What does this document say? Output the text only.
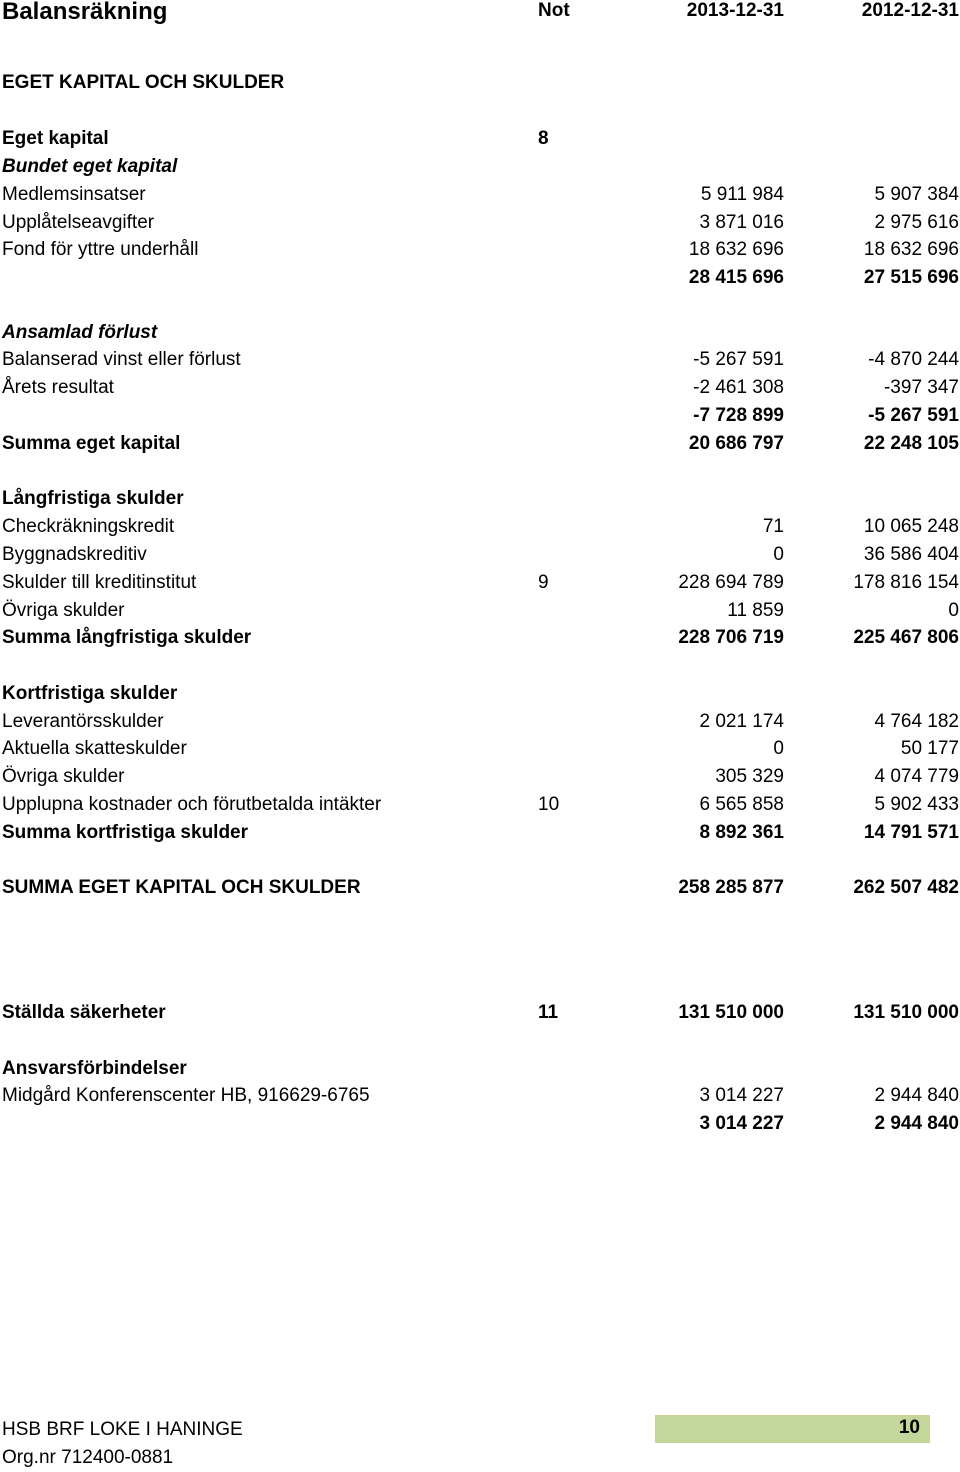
Balansräkning	Not	2013-12-31	2012-12-31
EGET KAPITAL OCH SKULDER
Eget kapital	8
Bundet eget kapital
Medlemsinsatser	5 911 984	5 907 384
Upplåtelseavgifter	3 871 016	2 975 616
Fond för yttre underhåll	18 632 696	18 632 696
28 415 696	27 515 696
Ansamlad förlust
Balanserad vinst eller förlust	-5 267 591	-4 870 244
Årets resultat	-2 461 308	-397 347
-7 728 899	-5 267 591
Summa eget kapital	20 686 797	22 248 105
Långfristiga skulder
Checkräkningskredit	71	10 065 248
Byggnadskreditiv	0	36 586 404
Skulder till kreditinstitut	9	228 694 789	178 816 154
Övriga skulder	11 859	0
Summa långfristiga skulder	228 706 719	225 467 806
Kortfristiga skulder
Leverantörsskulder	2 021 174	4 764 182
Aktuella skatteskulder	0	50 177
Övriga skulder	305 329	4 074 779
Upplupna kostnader och förutbetalda intäkter	10	6 565 858	5 902 433
Summa kortfristiga skulder	8 892 361	14 791 571
SUMMA EGET KAPITAL OCH SKULDER	258 285 877	262 507 482
Ställda säkerheter	11	131 510 000	131 510 000
Ansvarsförbindelser
Midgård Konferenscenter HB, 916629-6765	3 014 227	2 944 840
3 014 227	2 944 840
HSB BRF LOKE I HANINGE
Org.nr 712400-0881
10
